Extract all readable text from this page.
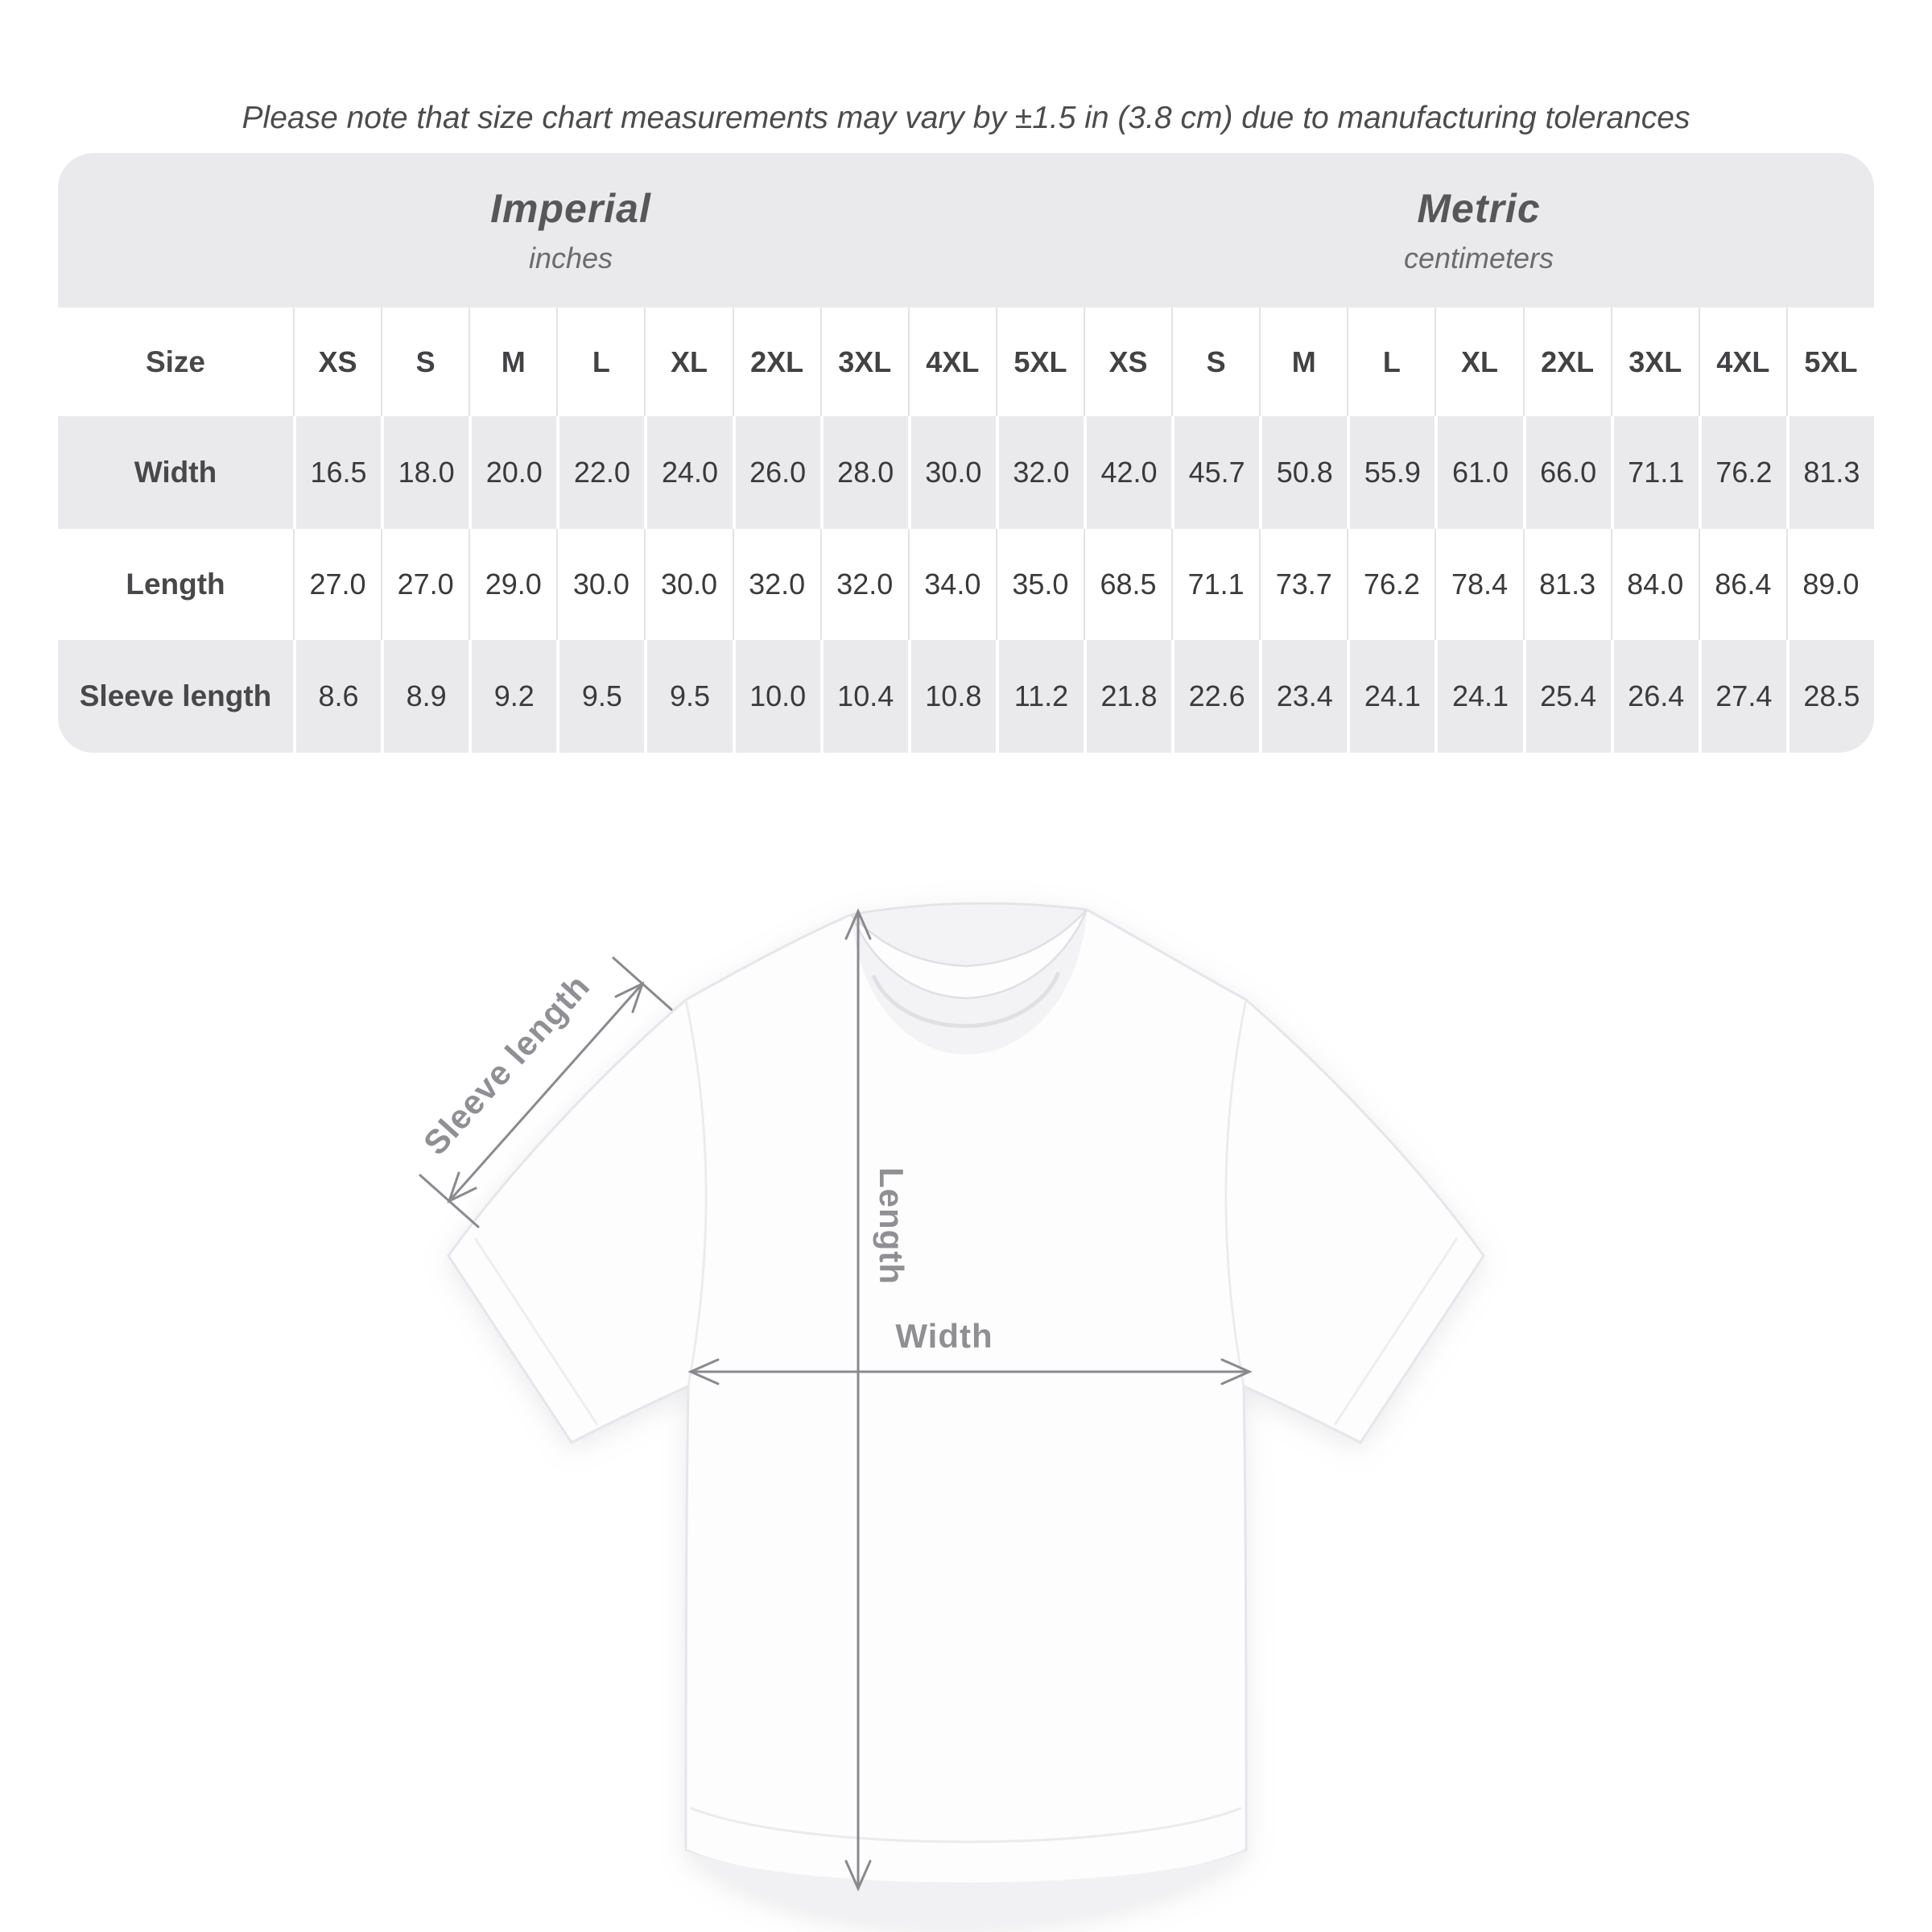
Please note that size chart measurements may vary by ±1.5 in (3.8 cm) due to manufacturing tolerances

Imperial
inches
Metric
centimeters
Size	XS	S	M	L	XL	2XL	3XL	4XL	5XL	XS	S	M	L	XL	2XL	3XL	4XL	5XL
Width	16.5	18.0	20.0	22.0	24.0	26.0	28.0	30.0	32.0	42.0	45.7	50.8	55.9	61.0	66.0	71.1	76.2	81.3
Length	27.0	27.0	29.0	30.0	30.0	32.0	32.0	34.0	35.0	68.5	71.1	73.7	76.2	78.4	81.3	84.0	86.4	89.0
Sleeve length	8.6	8.9	9.2	9.5	9.5	10.0	10.4	10.8	11.2	21.8	22.6	23.4	24.1	24.1	25.4	26.4	27.4	28.5
Sleeve length
Length
Width
